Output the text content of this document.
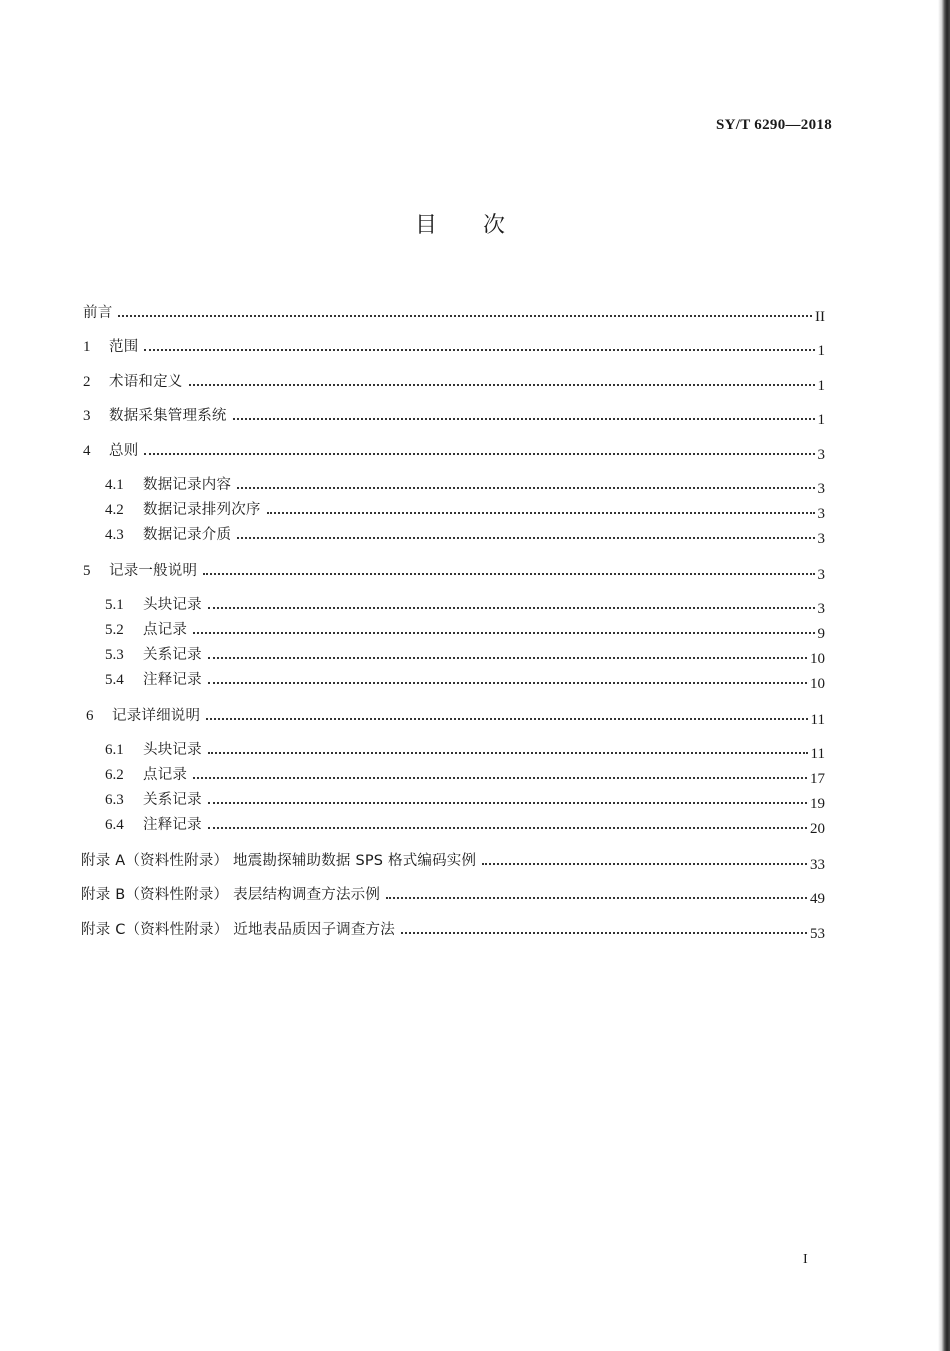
SY/T 6290—2018
目次
前言	II
1	范围	1
2	术语和定义	1
3	数据采集管理系统	1
4	总则	3
4.1	数据记录内容	3
4.2	数据记录排列次序	3
4.3	数据记录介质	3
5	记录一般说明	3
5.1	头块记录	3
5.2	点记录	9
5.3	关系记录	10
5.4	注释记录	10
6	记录详细说明	11
6.1	头块记录	11
6.2	点记录	17
6.3	关系记录	19
6.4	注释记录	20
附录 A（资料性附录） 地震勘探辅助数据 SPS 格式编码实例	33
附录 B（资料性附录） 表层结构调查方法示例	49
附录 C（资料性附录） 近地表品质因子调查方法	53
I
